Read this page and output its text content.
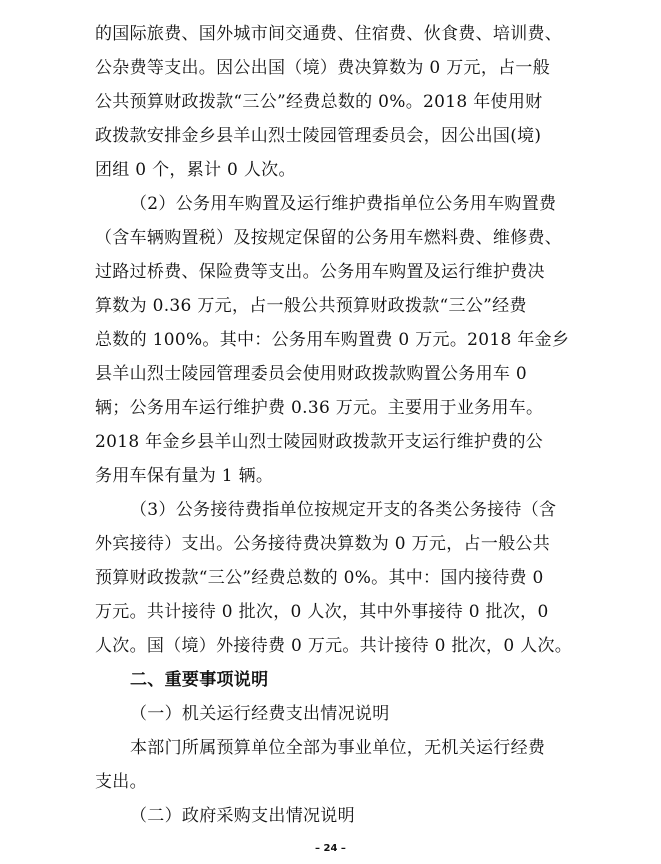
的国际旅费、国外城市间交通费、住宿费、伙食费、培训费、
公杂费等支出。因公出国（境）费决算数为 0 万元，占一般
公共预算财政拨款“三公”经费总数的 0%。2018 年使用财
政拨款安排金乡县羊山烈士陵园管理委员会，因公出国(境)
团组 0 个，累计 0 人次。
（2）公务用车购置及运行维护费指单位公务用车购置费
（含车辆购置税）及按规定保留的公务用车燃料费、维修费、
过路过桥费、保险费等支出。公务用车购置及运行维护费决
算数为 0.36 万元，占一般公共预算财政拨款“三公”经费
总数的 100%。其中：公务用车购置费 0 万元。2018 年金乡
县羊山烈士陵园管理委员会使用财政拨款购置公务用车 0
辆；公务用车运行维护费 0.36 万元。主要用于业务用车。
2018 年金乡县羊山烈士陵园财政拨款开支运行维护费的公
务用车保有量为 1 辆。
（3）公务接待费指单位按规定开支的各类公务接待（含
外宾接待）支出。公务接待费决算数为 0 万元，占一般公共
预算财政拨款“三公”经费总数的 0%。其中：国内接待费 0
万元。共计接待 0 批次，0 人次，其中外事接待 0 批次，0
人次。国（境）外接待费 0 万元。共计接待 0 批次，0 人次。
二、重要事项说明
（一）机关运行经费支出情况说明
本部门所属预算单位全部为事业单位，无机关运行经费
支出。
（二）政府采购支出情况说明
– 24 –
